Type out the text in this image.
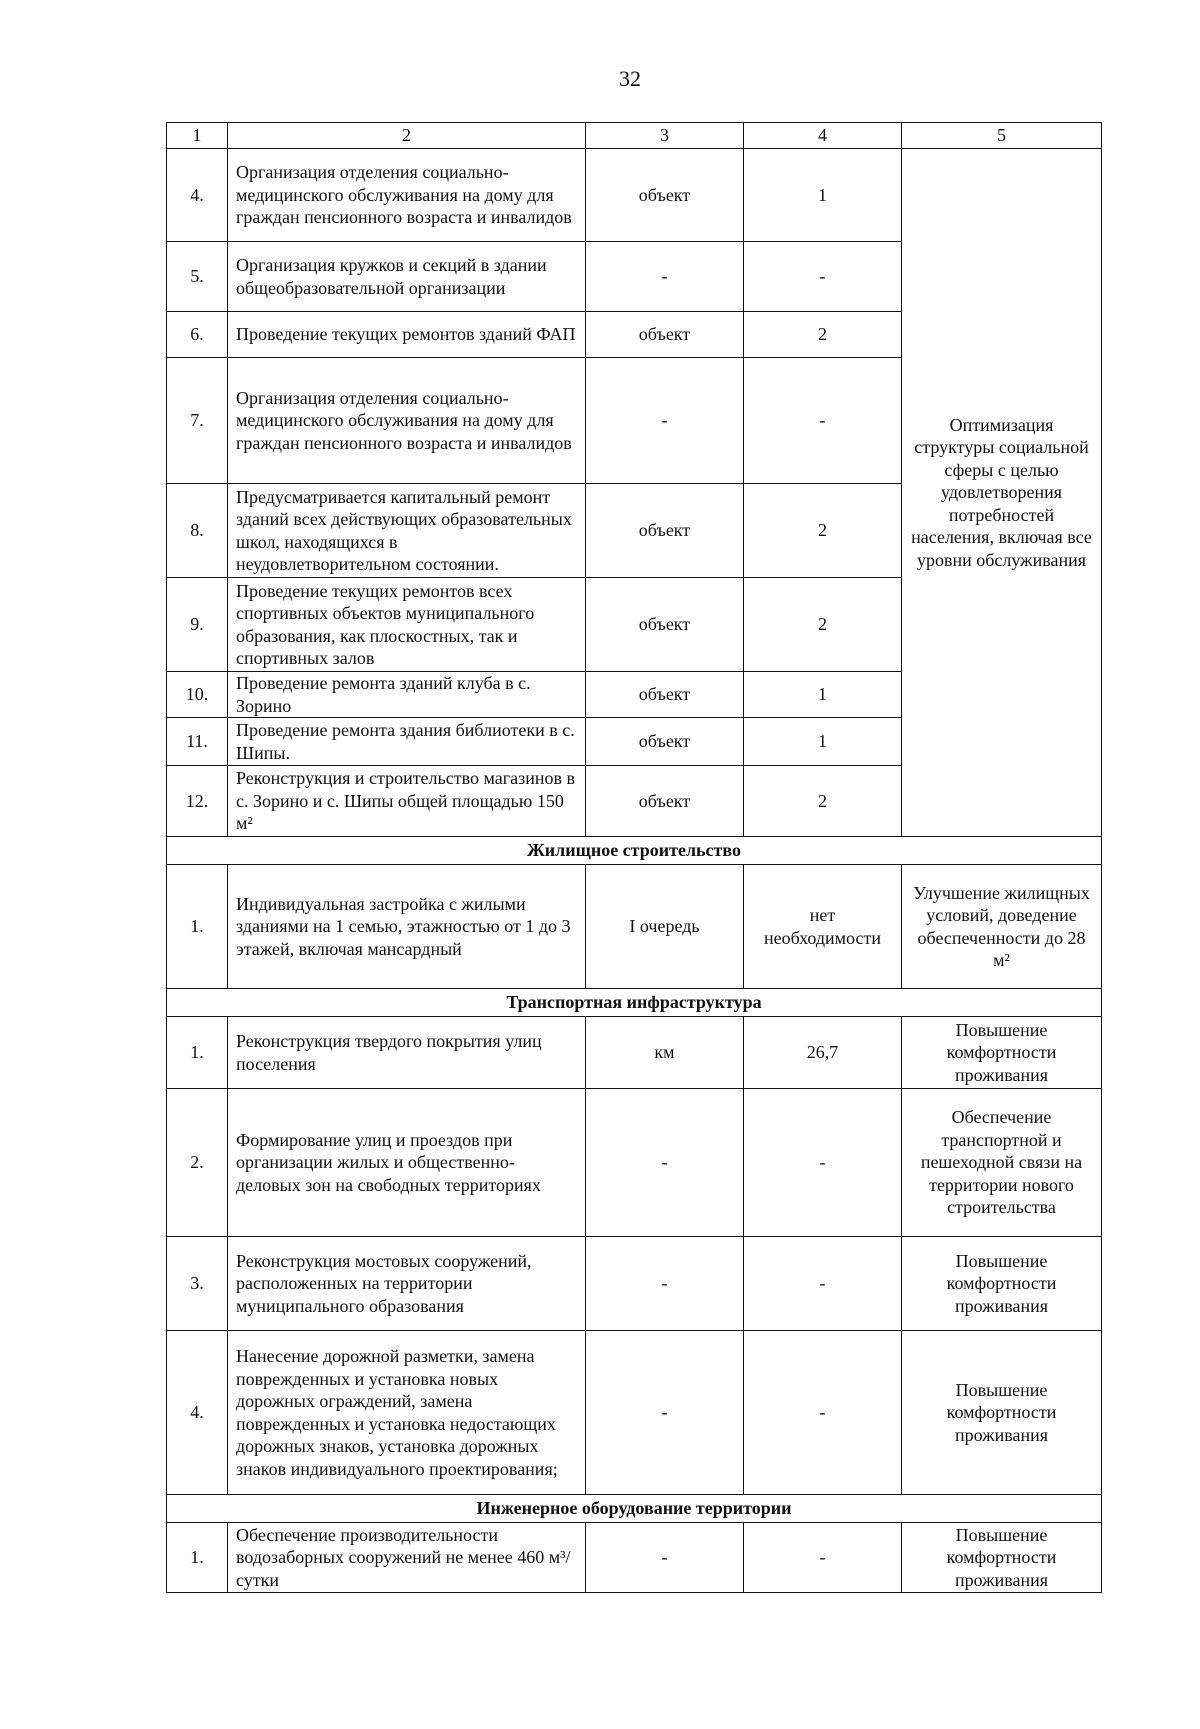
32
1	2	3	4	5
4.	Организация отделения социально-медицинского обслуживания на дому для граждан пенсионного возраста и инвалидов	объект	1	Оптимизация структуры социальной сферы с целью удовлетворения потребностей населения, включая все уровни обслуживания

5.	Организация кружков и секций в здании общеобразовательной организации	-	-	
6.	Проведение текущих ремонтов зданий ФАП	объект	2	
7.	Организация отделения социально-медицинского обслуживания на дому для граждан пенсионного возраста и инвалидов	-	-	
8.	Предусматривается капитальный ремонт зданий всех действующих образовательных школ, находящихся в неудовлетворительном состоянии.	объект	2	
9.	Проведение текущих ремонтов всех спортивных объектов муниципального образования, как плоскостных, так и спортивных залов	объект	2	
10.	Проведение ремонта зданий клуба в с. Зорино	объект	1	
11.	Проведение ремонта здания библиотеки в с. Шипы.	объект	1	
12.	Реконструкция и строительство магазинов в с. Зорино и с. Шипы общей площадью 150 м²	объект	2	
Жилищное строительство				
1.	Индивидуальная застройка с жилыми зданиями на 1 семью, этажностью от 1 до 3 этажей, включая мансардный	I очередь	нет необходимости	Улучшение жилищных условий, доведение обеспеченности до 28 м²
Транспортная инфраструктура				
1.	Реконструкция твердого покрытия улиц поселения	км	26,7	Повышение комфортности проживания
2.	Формирование улиц и проездов при организации жилых и общественно-деловых зон на свободных территориях	-	-	Обеспечение транспортной и пешеходной связи на территории нового строительства
3.	Реконструкция мостовых сооружений, расположенных на территории муниципального образования	-	-	Повышение комфортности проживания
4.	Нанесение дорожной разметки, замена поврежденных и установка новых дорожных ограждений, замена поврежденных и установка недостающих дорожных знаков, установка дорожных знаков индивидуального проектирования;	-	-	Повышение комфортности проживания
Инженерное оборудование территории				
1.	Обеспечение производительности водозаборных сооружений не менее 460 м³/сутки	-	-	Повышение комфортности проживания
